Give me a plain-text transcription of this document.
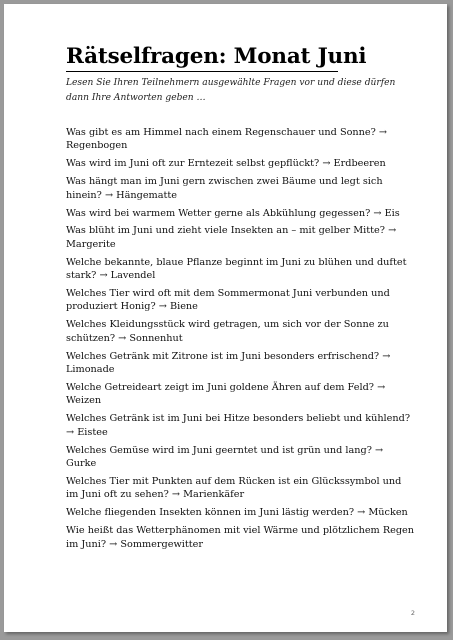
Rätselfragen: Monat Juni

Lesen Sie Ihren Teilnehmern ausgewählte Fragen vor und diese dürfen dann Ihre Antworten geben …

Was gibt es am Himmel nach einem Regenschauer und Sonne? → Regenbogen
Was wird im Juni oft zur Erntezeit selbst gepflückt? → Erdbeeren
Was hängt man im Juni gern zwischen zwei Bäume und legt sich hinein? → Hängematte
Was wird bei warmem Wetter gerne als Abkühlung gegessen? → Eis
Was blüht im Juni und zieht viele Insekten an – mit gelber Mitte? → Margerite
Welche bekannte, blaue Pflanze beginnt im Juni zu blühen und duftet stark? → Lavendel
Welches Tier wird oft mit dem Sommermonat Juni verbunden und produziert Honig? → Biene
Welches Kleidungsstück wird getragen, um sich vor der Sonne zu schützen? → Sonnenhut
Welches Getränk mit Zitrone ist im Juni besonders erfrischend? → Limonade
Welche Getreideart zeigt im Juni goldene Ähren auf dem Feld? → Weizen
Welches Getränk ist im Juni bei Hitze besonders beliebt und kühlend? → Eistee
Welches Gemüse wird im Juni geerntet und ist grün und lang? → Gurke
Welches Tier mit Punkten auf dem Rücken ist ein Glückssymbol und im Juni oft zu sehen? → Marienkäfer
Welche fliegenden Insekten können im Juni lästig werden? → Mücken
Wie heißt das Wetterphänomen mit viel Wärme und plötzlichem Regen im Juni? → Sommergewitter
2
